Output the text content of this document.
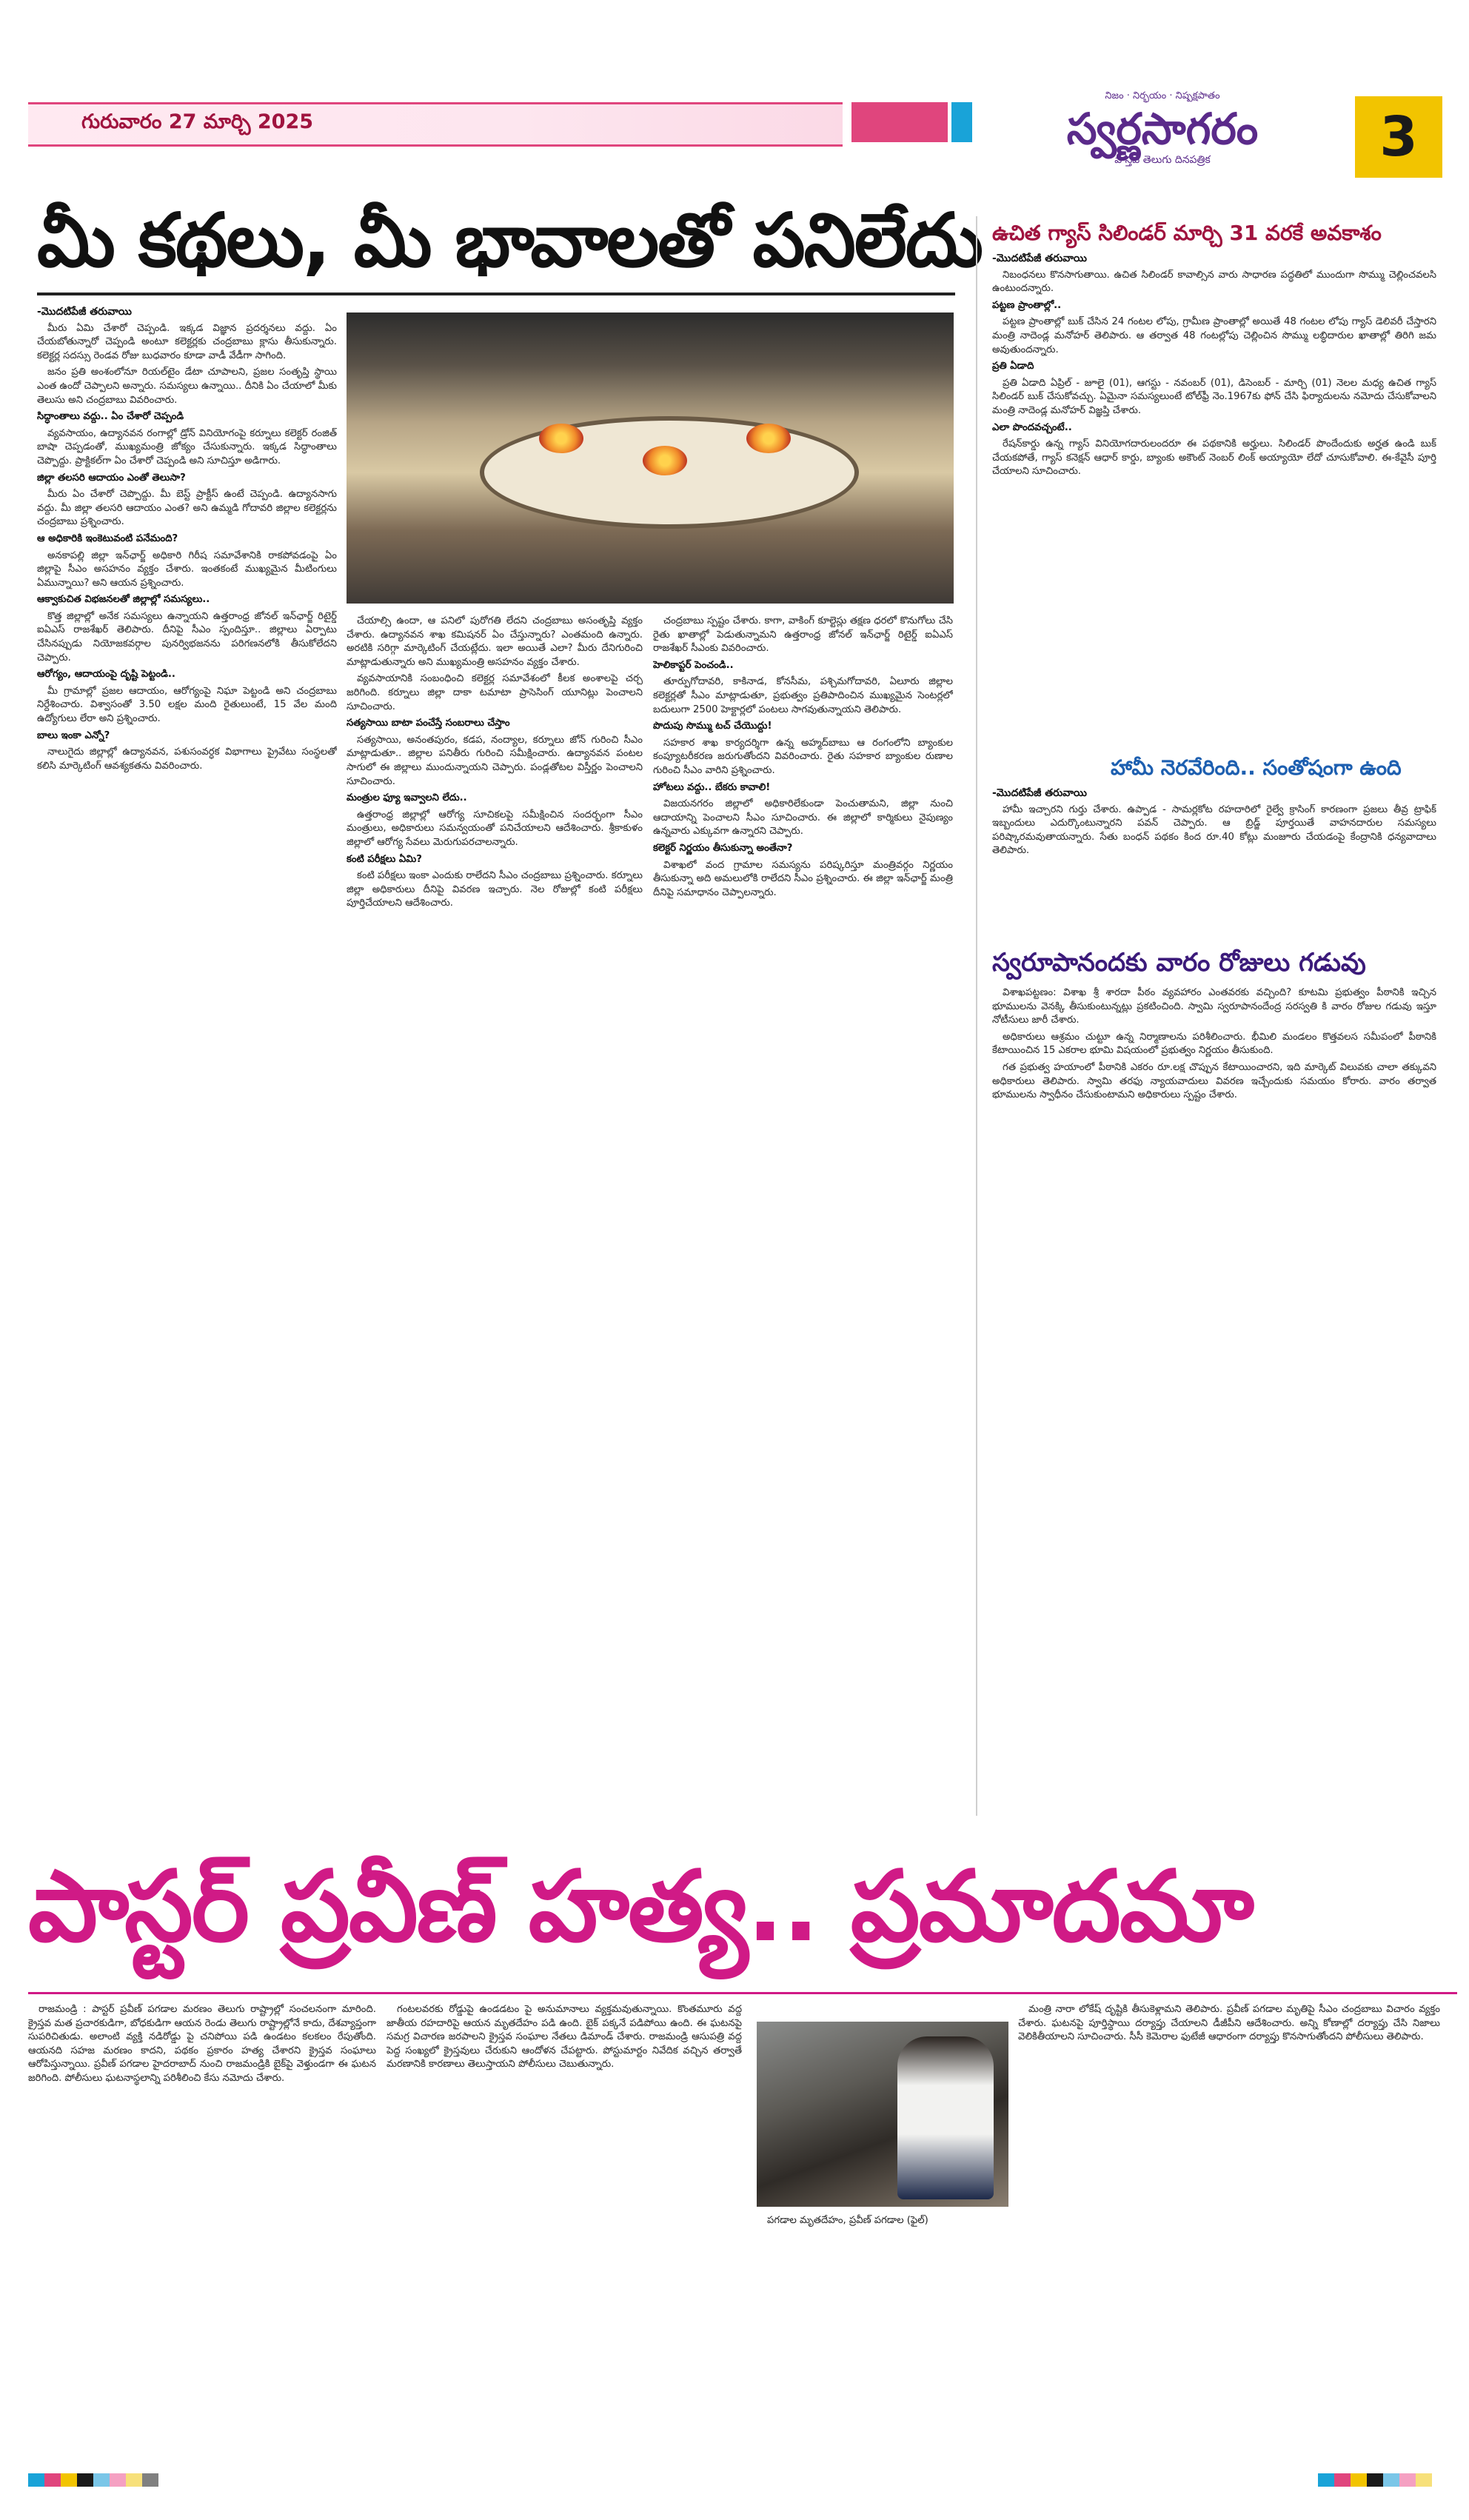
గురువారం 27 మార్చి 2025
నిజం · నిర్భయం · నిష్పక్షపాతం
స్వర్ణసాగరం
వాస్తవ తెలుగు దినపత్రిక	3
మీ కథలు, మీ భావాలతో పనిలేదు
-మొదటిపేజీ తరువాయి

మీరు ఏమి చేశారో చెప్పండి. ఇక్కడ విజ్ఞాన ప్రదర్శనలు వద్దు. ఏం చేయబోతున్నారో చెప్పండి అంటూ కలెక్టర్లకు చంద్రబాబు క్లాసు తీసుకున్నారు. కలెక్టర్ల సదస్సు రెండవ రోజు బుధవారం కూడా వాడీ వేడీగా సాగింది.

జనం ప్రతి అంశంలోనూ రియల్‌టైం డేటా చూపాలని, ప్రజల సంతృప్తి స్థాయి ఎంత ఉందో చెప్పాలని అన్నారు. సమస్యలు ఉన్నాయి.. దీనికి ఏం చేయాలో మీకు తెలుసు అని చంద్రబాబు వివరించారు.

సిద్ధాంతాలు వద్దు.. ఏం చేశారో చెప్పండి

వ్యవసాయం, ఉద్యానవన రంగాల్లో డ్రోన్ వినియోగంపై కర్నూలు కలెక్టర్ రంజిత్ బాషా చెప్పడంతో, ముఖ్యమంత్రి జోక్యం చేసుకున్నారు. ఇక్కడ సిద్ధాంతాలు చెప్పొద్దు. ప్రాక్టికల్‌గా ఏం చేశారో చెప్పండి అని సూచిస్తూ అడిగారు.

జిల్లా తలసరి ఆదాయం ఎంతో తెలుసా?

మీరు ఏం చేశారో చెప్పొద్దు. మీ బెస్ట్ ప్రాక్టీస్ ఉంటే చెప్పండి. ఉద్యానసాగు వద్దు. మీ జిల్లా తలసరి ఆదాయం ఎంత? అని ఉమ్మడి గోదావరి జిల్లాల కలెక్టర్లను చంద్రబాబు ప్రశ్నించారు.

ఆ అధికారికి ఇంకెటువంటి పనేమంది?

అనకాపల్లి జిల్లా ఇన్‌ఛార్జ్ అధికారి గిరీష సమావేశానికి రాకపోవడంపై ఏం జిల్లాపై సీఎం అసహనం వ్యక్తం చేశారు. ఇంతకంటే ముఖ్యమైన మీటింగులు ఏమున్నాయి? అని ఆయన ప్రశ్నించారు.

ఆక్వాకుచిత విభజనలతో జిల్లాల్లో సమస్యలు..

కొత్త జిల్లాల్లో అనేక సమస్యలు ఉన్నాయని ఉత్తరాంధ్ర జోనల్ ఇన్‌ఛార్జ్ రిటైర్డ్ ఐఏఎస్ రాజశేఖర్ తెలిపారు. దీనిపై సీఎం స్పందిస్తూ.. జిల్లాలు ఏర్పాటు చేసినప్పుడు నియోజకవర్గాల పునర్విభజనను పరిగణనలోకి తీసుకోలేదని చెప్పారు.

ఆరోగ్యం, ఆదాయంపై దృష్టి పెట్టండి..

మీ గ్రామాల్లో ప్రజల ఆదాయం, ఆరోగ్యంపై నిఘా పెట్టండి అని చంద్రబాబు నిర్దేశించారు. విశ్వాసంతో 3.50 లక్షల మంది రైతులుంటే, 15 వేల మంది ఉద్యోగులు లేరా అని ప్రశ్నించారు.

బాలు ఇంకా ఎన్నో?

నాలుగైదు జిల్లాల్లో ఉద్యానవన, పశుసంవర్ధక విభాగాలు ప్రైవేటు సంస్థలతో కలిసి మార్కెటింగ్ ఆవశ్యకతను వివరించారు.

చేయాల్సి ఉందా, ఆ పనిలో పురోగతి లేదని చంద్రబాబు అసంతృప్తి వ్యక్తం చేశారు. ఉద్యానవన శాఖ కమిషనర్ ఏం చేస్తున్నారు? ఎంతమంది ఉన్నారు. అరటికి సరిగ్గా మార్కెటింగ్ చేయట్లేదు. ఇలా అయితే ఎలా? మీరు దేనిగురించి మాట్లాడుతున్నారు అని ముఖ్యమంత్రి అసహనం వ్యక్తం చేశారు.

వ్యవసాయానికి సంబంధించి కలెక్టర్ల సమావేశంలో కీలక అంశాలపై చర్చ జరిగింది. కర్నూలు జిల్లా దాకా టమాటా ప్రాసెసింగ్ యూనిట్లు పెంచాలని సూచించారు.

సత్యసాయి బాటా పంచేస్తే సంబరాలు చేస్తాం

సత్యసాయి, అనంతపురం, కడప, నంద్యాల, కర్నూలు జోన్ గురించి సీఎం మాట్లాడుతూ.. జిల్లాల పనితీరు గురించి సమీక్షించారు. ఉద్యానవన పంటల సాగులో ఈ జిల్లాలు ముందున్నాయని చెప్పారు. పండ్లతోటల విస్తీర్ణం పెంచాలని సూచించారు.

మంత్రుల ఫ్యూ ఇవ్వాలని లేదు..

ఉత్తరాంధ్ర జిల్లాల్లో ఆరోగ్య సూచికలపై సమీక్షించిన సందర్భంగా సీఎం మంత్రులు, అధికారులు సమన్వయంతో పనిచేయాలని ఆదేశించారు. శ్రీకాకుళం జిల్లాలో ఆరోగ్య సేవలు మెరుగుపరచాలన్నారు.

కంటి పరీక్షలు ఏమి?

కంటి పరీక్షలు ఇంకా ఎందుకు రాలేదని సీఎం చంద్రబాబు ప్రశ్నించారు. కర్నూలు జిల్లా అధికారులు దీనిపై వివరణ ఇచ్చారు. నెల రోజుల్లో కంటి పరీక్షలు పూర్తిచేయాలని ఆదేశించారు.

చంద్రబాబు స్పష్టం చేశారు. కాగా, వాకింగ్ కూల్టెస్లు తక్షణ ధరలో కొనుగోలు చేసి రైతు ఖాతాల్లో పెడుతున్నామని ఉత్తరాంధ్ర జోనల్ ఇన్‌ఛార్జ్ రిటైర్డ్ ఐఏఎస్ రాజశేఖర్ సీఎంకు వివరించారు.

హెలికాప్టర్ పెంచండి..

తూర్పుగోదావరి, కాకినాడ, కోనసీమ, పశ్చిమగోదావరి, ఏలూరు జిల్లాల కలెక్టర్లతో సీఎం మాట్లాడుతూ, ప్రభుత్వం ప్రతిపాదించిన ముఖ్యమైన సెంటర్లలో బదులుగా 2500 హెక్టార్లలో పంటలు సాగవుతున్నాయని తెలిపారు.

పొదుపు సొమ్ము టచ్ చేయొద్దు!

సహకార శాఖ కార్యదర్శిగా ఉన్న అహ్మద్‌బాబు ఆ రంగంలోని బ్యాంకుల కంప్యూటరీకరణ జరుగుతోందని వివరించారు. రైతు సహకార బ్యాంకుల రుణాల గురించి సీఎం వారిని ప్రశ్నించారు.

హోటలు వద్దు.. బేకరు కావాలి!

విజయనగరం జిల్లాలో అధికారిలేకుండా పెంచుతామని, జిల్లా నుంచి ఆదాయాన్ని పెంచాలని సీఎం సూచించారు. ఈ జిల్లాలో కార్మికులు నైపుణ్యం ఉన్నవారు ఎక్కువగా ఉన్నారని చెప్పారు.

కలెక్టర్ నిర్ణయం తీసుకున్నా అంతేనా?

విశాఖలో వంద గ్రామాల సమస్యను పరిష్కరిస్తూ మంత్రివర్గం నిర్ణయం తీసుకున్నా అది అమలులోకి రాలేదని సీఎం ప్రశ్నించారు. ఈ జిల్లా ఇన్‌ఛార్జ్ మంత్రి దీనిపై సమాధానం చెప్పాలన్నారు.

ఉచిత గ్యాస్ సిలిండర్ మార్చి 31 వరకే అవకాశం
-మొదటిపేజీ తరువాయి

నిబంధనలు కొనసాగుతాయి. ఉచిత సిలిండర్ కావాల్సిన వారు సాధారణ పద్ధతిలో ముందుగా సొమ్ము చెల్లించవలసి ఉంటుందన్నారు.

పట్టణ ప్రాంతాల్లో..

పట్టణ ప్రాంతాల్లో బుక్ చేసిన 24 గంటల లోపు, గ్రామీణ ప్రాంతాల్లో అయితే 48 గంటల లోపు గ్యాస్ డెలివరీ చేస్తారని మంత్రి నాదెండ్ల మనోహర్ తెలిపారు. ఆ తర్వాత 48 గంటల్లోపు చెల్లించిన సొమ్ము లబ్ధిదారుల ఖాతాల్లో తిరిగి జమ అవుతుందన్నారు.

ప్రతి ఏడాది

ప్రతి ఏడాది ఏప్రిల్ - జూలై (01), ఆగస్టు - నవంబర్ (01), డిసెంబర్ - మార్చి (01) నెలల మధ్య ఉచిత గ్యాస్ సిలిండర్ బుక్ చేసుకోవచ్చు. ఏమైనా సమస్యలుంటే టోల్‌ఫ్రీ నెం.1967కు ఫోన్ చేసి ఫిర్యాదులను నమోదు చేసుకోవాలని మంత్రి నాదెండ్ల మనోహర్ విజ్ఞప్తి చేశారు.

ఎలా పొందవచ్చంటే..

రేషన్‌కార్డు ఉన్న గ్యాస్ వినియోగదారులందరూ ఈ పథకానికి అర్హులు. సిలిండర్ పొందేందుకు అర్హత ఉండి బుక్ చేయకపోతే, గ్యాస్ కనెక్షన్ ఆధార్ కార్డు, బ్యాంకు అకౌంట్ నెంబర్ లింక్ అయ్యాయో లేదో చూసుకోవాలి. ఈ-కేవైసీ పూర్తి చేయాలని సూచించారు.

హామీ నెరవేరింది.. సంతోషంగా ఉంది
-మొదటిపేజీ తరువాయి

హామీ ఇచ్చారని గుర్తు చేశారు. ఉప్పాడ - సామర్లకోట రహదారిలో రైల్వే క్రాసింగ్ కారణంగా ప్రజలు తీవ్ర ట్రాఫిక్ ఇబ్బందులు ఎదుర్కొంటున్నారని పవన్ చెప్పారు. ఆ బ్రిడ్జ్ పూర్తయితే వాహనదారుల సమస్యలు పరిష్కారమవుతాయన్నారు. సేతు బంధన్ పథకం కింద రూ.40 కోట్లు మంజూరు చేయడంపై కేంద్రానికి ధన్యవాదాలు తెలిపారు.

స్వరూపానందకు వారం రోజులు గడువు

విశాఖపట్టణం: విశాఖ శ్రీ శారదా పీఠం వ్యవహారం ఎంతవరకు వచ్చింది? కూటమి ప్రభుత్వం పీఠానికి ఇచ్చిన భూములను వెనక్కి తీసుకుంటున్నట్లు ప్రకటించింది. స్వామి స్వరూపానందేంద్ర సరస్వతి కి వారం రోజుల గడువు ఇస్తూ నోటీసులు జారీ చేశారు.

అధికారులు ఆశ్రమం చుట్టూ ఉన్న నిర్మాణాలను పరిశీలించారు. భీమిలి మండలం కొత్తవలస సమీపంలో పీఠానికి కేటాయించిన 15 ఎకరాల భూమి విషయంలో ప్రభుత్వం నిర్ణయం తీసుకుంది.

గత ప్రభుత్వ హయాంలో పీఠానికి ఎకరం రూ.లక్ష చొప్పున కేటాయించారని, ఇది మార్కెట్ విలువకు చాలా తక్కువని అధికారులు తెలిపారు. స్వామి తరఫు న్యాయవాదులు వివరణ ఇచ్చేందుకు సమయం కోరారు. వారం తర్వాత భూములను స్వాధీనం చేసుకుంటామని అధికారులు స్పష్టం చేశారు.

పాస్టర్ ప్రవీణ్ హత్య.. ప్రమాదమా

రాజమండ్రి : పాస్టర్ ప్రవీణ్ పగడాల మరణం తెలుగు రాష్ట్రాల్లో సంచలనంగా మారింది. క్రైస్తవ మత ప్రచారకుడిగా, బోధకుడిగా ఆయన రెండు తెలుగు రాష్ట్రాల్లోనే కాదు, దేశవ్యాప్తంగా సుపరిచితుడు. అలాంటి వ్యక్తి నడిరోడ్డు పై చనిపోయి పడి ఉండటం కలకలం రేపుతోంది. ఆయనది సహజ మరణం కాదని, పథకం ప్రకారం హత్య చేశారని క్రైస్తవ సంఘాలు ఆరోపిస్తున్నాయి. ప్రవీణ్ పగడాల హైదరాబాద్ నుంచి రాజమండ్రికి బైక్‌పై వెళ్తుండగా ఈ ఘటన జరిగింది. పోలీసులు ఘటనాస్థలాన్ని పరిశీలించి కేసు నమోదు చేశారు.

గంటలవరకు రోడ్డుపై ఉండడటం పై అనుమానాలు వ్యక్తమవుతున్నాయి. కొంతమూరు వద్ద జాతీయ రహదారిపై ఆయన మృతదేహం పడి ఉంది. బైక్ పక్కనే పడిపోయి ఉంది. ఈ ఘటనపై సమగ్ర విచారణ జరపాలని క్రైస్తవ సంఘాల నేతలు డిమాండ్ చేశారు. రాజమండ్రి ఆసుపత్రి వద్ద పెద్ద సంఖ్యలో క్రైస్తవులు చేరుకుని ఆందోళన చేపట్టారు. పోస్టుమార్టం నివేదిక వచ్చిన తర్వాతే మరణానికి కారణాలు తెలుస్తాయని పోలీసులు చెబుతున్నారు.

పగడాల మృతదేహం, ప్రవీణ్ పగడాల (ఫైల్)

మంత్రి నారా లోకేష్ దృష్టికి తీసుకెళ్లామని తెలిపారు. ప్రవీణ్ పగడాల మృతిపై సీఎం చంద్రబాబు విచారం వ్యక్తం చేశారు. ఘటనపై పూర్తిస్థాయి దర్యాప్తు చేయాలని డీజీపీని ఆదేశించారు. అన్ని కోణాల్లో దర్యాప్తు చేసి నిజాలు వెలికితీయాలని సూచించారు. సీసీ కెమెరాల ఫుటేజీ ఆధారంగా దర్యాప్తు కొనసాగుతోందని పోలీసులు తెలిపారు.
